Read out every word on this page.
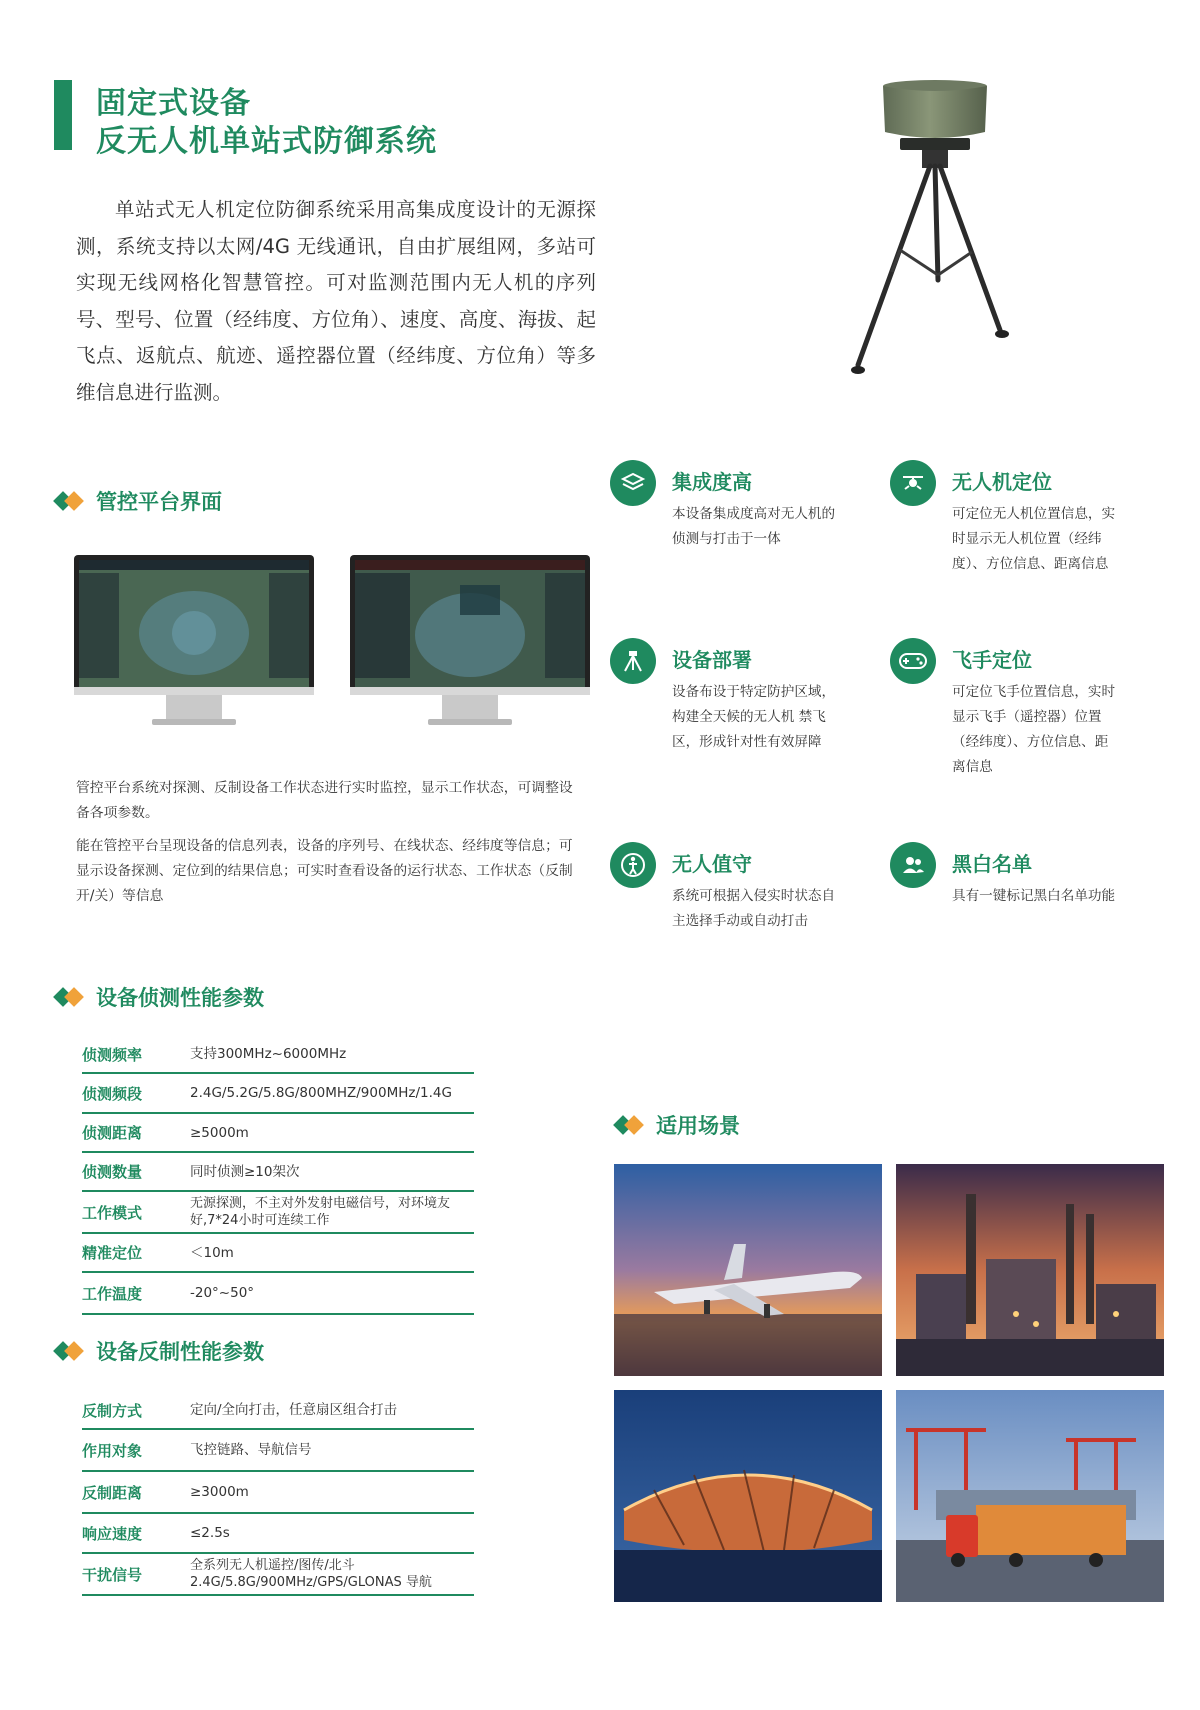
固定式设备
反无人机单站式防御系统
单站式无人机定位防御系统采用高集成度设计的无源探测，系统支持以太网/4G 无线通讯，自由扩展组网，多站可实现无线网格化智慧管控。可对监测范围内无人机的序列号、型号、位置（经纬度、方位角）、速度、高度、海拔、起飞点、返航点、航迹、遥控器位置（经纬度、方位角）等多维信息进行监测。
管控平台界面
管控平台系统对探测、反制设备工作状态进行实时监控，显示工作状态，可调整设备各项参数。
能在管控平台呈现设备的信息列表，设备的序列号、在线状态、经纬度等信息；可显示设备探测、定位到的结果信息；可实时查看设备的运行状态、工作状态（反制开/关）等信息
集成度高
本设备集成度高对无人机的侦测与打击于一体
无人机定位
可定位无人机位置信息，实时显示无人机位置（经纬度）、方位信息、距离信息
设备部署
设备布设于特定防护区域，构建全天候的无人机 禁飞区，形成针对性有效屏障
飞手定位
可定位飞手位置信息，实时显示飞手（遥控器）位置（经纬度）、方位信息、距离信息
无人值守
系统可根据入侵实时状态自主选择手动或自动打击
黑白名单
具有一键标记黑白名单功能
设备侦测性能参数
侦测频率	支持300MHz~6000MHz
侦测频段	2.4G/5.2G/5.8G/800MHZ/900MHz/1.4G
侦测距离	≥5000m
侦测数量	同时侦测≥10架次
工作模式	无源探测，不主对外发射电磁信号，对环境友好,7*24小时可连续工作
精准定位	＜10m
工作温度	-20°~50°
设备反制性能参数
反制方式	定向/全向打击，任意扇区组合打击
作用对象	飞控链路、导航信号
反制距离	≥3000m
响应速度	≤2.5s
干扰信号	全系列无人机遥控/图传/北斗 2.4G/5.8G/900MHz/GPS/GLONAS 导航
适用场景
